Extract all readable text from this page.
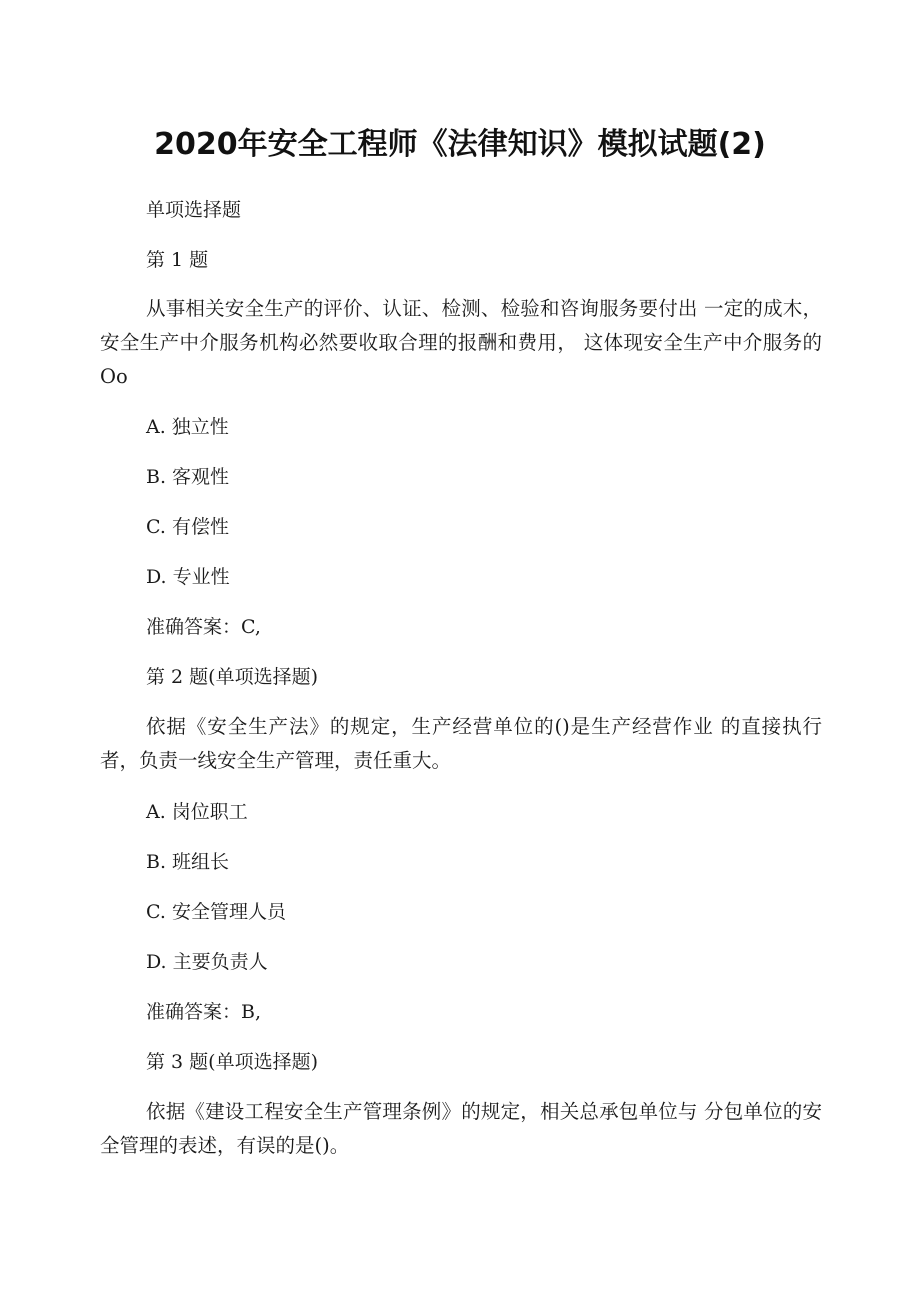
2020年安全工程师《法律知识》模拟试题(2)
单项选择题
第 1 题
从事相关安全生产的评价、认证、检测、检验和咨询服务要付出 一定的成木，安全生产中介服务机构必然要收取合理的报酬和费用， 这体现安全生产中介服务的 Oo
A. 独立性
B. 客观性
C. 有偿性
D. 专业性
准确答案：C,
第 2 题(单项选择题)
依据《安全生产法》的规定，生产经营单位的()是生产经营作业 的直接执行者，负责一线安全生产管理，责任重大。
A. 岗位职工
B. 班组长
C. 安全管理人员
D. 主要负责人
准确答案：B,
第 3 题(单项选择题)
依据《建设工程安全生产管理条例》的规定，相关总承包单位与 分包单位的安全管理的表述，有误的是()。
